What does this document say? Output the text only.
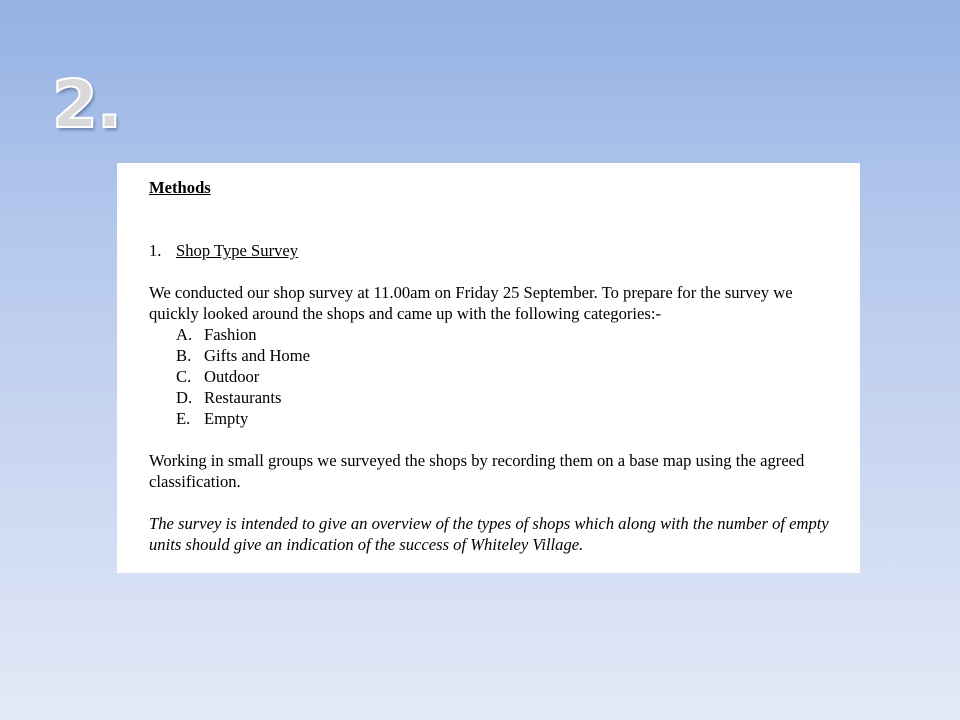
2.

Methods

1. Shop Type Survey
We conducted our shop survey at 11.00am on Friday 25 September. To prepare for the survey we quickly looked around the shops and came up with the following categories:-
A. Fashion
B. Gifts and Home
C. Outdoor
D. Restaurants
E. Empty
Working in small groups we surveyed the shops by recording them on a base map using the agreed classification.
The survey is intended to give an overview of the types of shops which along with the number of empty units should give an indication of the success of Whiteley Village.
